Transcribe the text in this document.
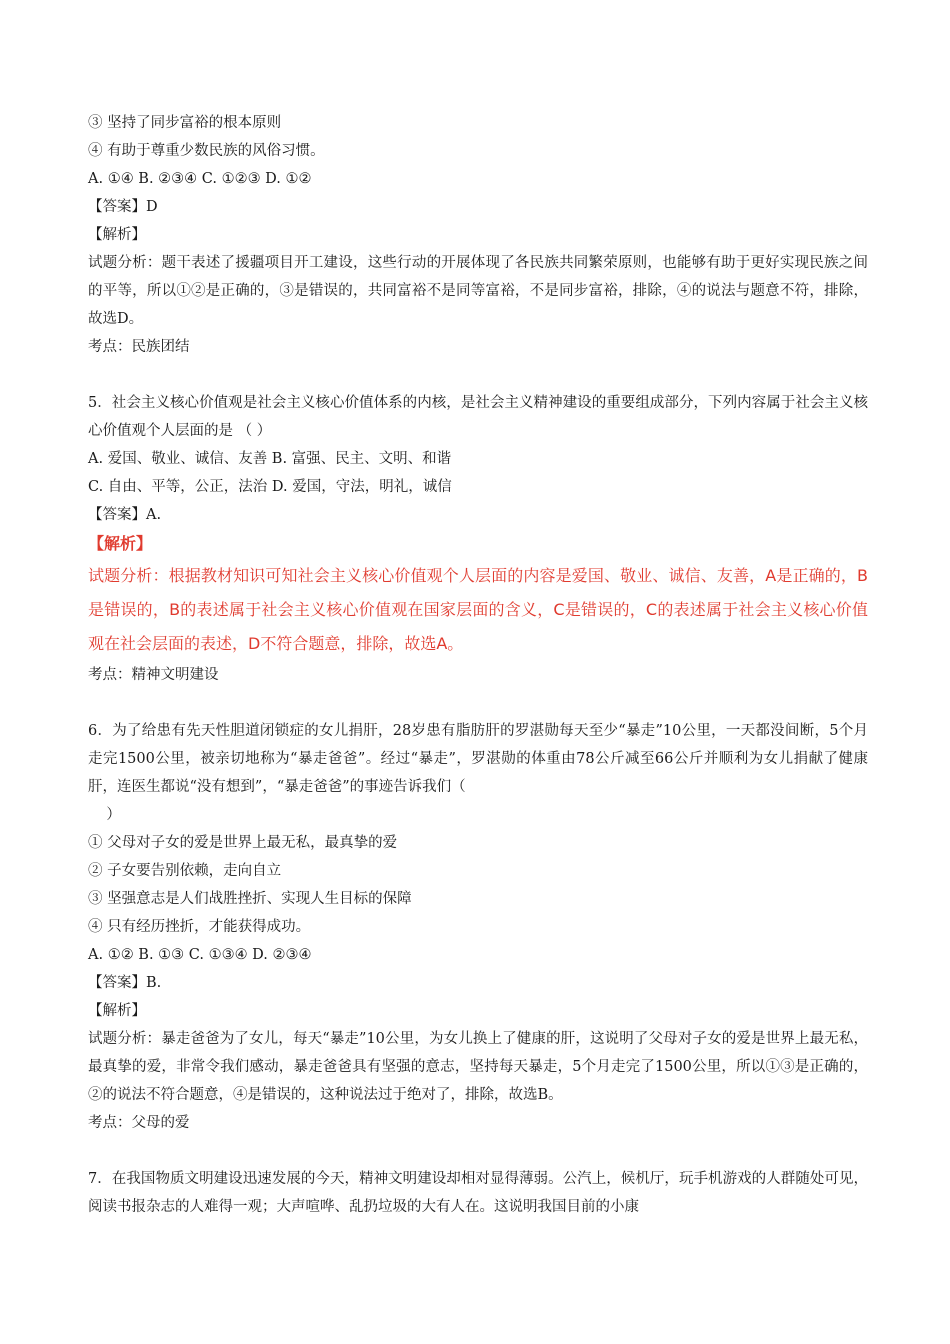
③ 坚持了同步富裕的根本原则
④ 有助于尊重少数民族的风俗习惯。
A. ①④ B. ②③④ C. ①②③ D. ①②
【答案】D
【解析】
试题分析：题干表述了援疆项目开工建设，这些行动的开展体现了各民族共同繁荣原则，也能够有助于更好实现民族之间的平等，所以①②是正确的，③是错误的，共同富裕不是同等富裕，不是同步富裕，排除，④的说法与题意不符，排除，故选D。
考点：民族团结
5．社会主义核心价值观是社会主义核心价值体系的内核，是社会主义精神建设的重要组成部分，下列内容属于社会主义核心价值观个人层面的是 （ ）
A. 爱国、敬业、诚信、友善 B. 富强、民主、文明、和谐
C. 自由、平等，公正，法治 D. 爱国，守法，明礼，诚信
【答案】A.
【解析】
试题分析：根据教材知识可知社会主义核心价值观个人层面的内容是爱国、敬业、诚信、友善，A是正确的，B是错误的，B的表述属于社会主义核心价值观在国家层面的含义，C是错误的，C的表述属于社会主义核心价值观在社会层面的表述，D不符合题意，排除，故选A。
考点：精神文明建设
6．为了给患有先天性胆道闭锁症的女儿捐肝，28岁患有脂肪肝的罗湛勋每天至少“暴走”10公里，一天都没间断，5个月走完1500公里，被亲切地称为“暴走爸爸”。经过“暴走”，罗湛勋的体重由78公斤减至66公斤并顺利为女儿捐献了健康肝，连医生都说“没有想到”，“暴走爸爸”的事迹告诉我们（
）
① 父母对子女的爱是世界上最无私，最真挚的爱
② 子女要告别依赖，走向自立
③ 坚强意志是人们战胜挫折、实现人生目标的保障
④ 只有经历挫折，才能获得成功。
A. ①② B. ①③ C. ①③④ D. ②③④
【答案】B.
【解析】
试题分析：暴走爸爸为了女儿，每天“暴走”10公里，为女儿换上了健康的肝，这说明了父母对子女的爱是世界上最无私，最真挚的爱，非常令我们感动，暴走爸爸具有坚强的意志，坚持每天暴走，5个月走完了1500公里，所以①③是正确的，②的说法不符合题意，④是错误的，这种说法过于绝对了，排除，故选B。
考点：父母的爱
7．在我国物质文明建设迅速发展的今天，精神文明建设却相对显得薄弱。公汽上，候机厅，玩手机游戏的人群随处可见，阅读书报杂志的人难得一观；大声喧哗、乱扔垃圾的大有人在。这说明我国目前的小康
